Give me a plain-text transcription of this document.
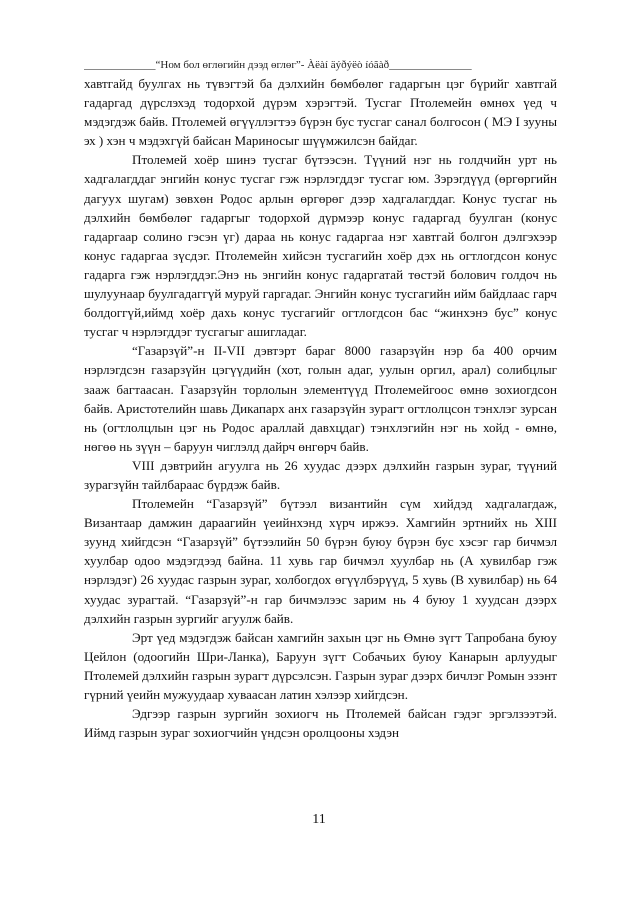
_____________“Ном бол өглөгийн дээд өглөг”- Àëàí äýðýëò íóãàð_______________

хавтгайд буулгах нь түвэгтэй ба дэлхийн бөмбөлөг гадаргын цэг бүрийг хавтгай гадаргад дүрслэхэд тодорхой дүрэм хэрэгтэй. Тусгаг Птолемейн өмнөх үед ч мэдэгдэж байв. Птолемей өгүүллэгтээ бүрэн бус тусгаг санал болгосон ( МЭ I зууны эх ) хэн ч мэдэхгүй байсан Мариносыг шүүмжилсэн байдаг.

Птолемей хоёр шинэ тусгаг бүтээсэн. Түүний нэг нь голдчийн урт нь хадгалагддаг энгийн конус тусгаг гэж нэрлэгддэг тусгаг юм. Зэрэгдүүд (өргөргийн дагуух шугам) зөвхөн Родос арлын өргөрөг дээр хадгалагддаг. Конус тусгаг нь дэлхийн бөмбөлөг гадаргыг тодорхой дүрмээр конус гадаргад буулган (конус гадаргаар солино гэсэн үг) дараа нь конус гадаргаа нэг хавтгай болгон дэлгэхээр конус гадаргаа зүсдэг. Птолемейн хийсэн тусгагийн хоёр дэх нь огтлогдсон конус гадарга гэж нэрлэгддэг.Энэ нь энгийн конус гадаргатай төстэй болович голдоч нь шулуунаар буулгадаггүй муруй гаргадаг. Энгийн конус тусгагийн ийм байдлаас гарч болдоггүй,иймд хоёр дахь конус тусгагийг огтлогдсон бас “жинхэнэ бус” конус тусгаг ч нэрлэгддэг тусгагыг ашигладаг.

“Газарзүй”-н II-VII дэвтэрт бараг 8000 газарзүйн нэр ба 400 орчим нэрлэгдсэн газарзүйн цэгүүдийн (хот, голын адаг, уулын оргил, арал) солибцлыг зааж багтаасан. Газарзүйн торлолын элементүүд Птолемейгоос өмнө зохиогдсон байв. Аристотелийн шавь Дикапарх анх газарзүйн зурагт огтлолцсон тэнхлэг зурсан нь (огтлолцлын цэг нь Родос араллай давхцдаг) тэнхлэгийн нэг нь хойд - өмнө, нөгөө нь зүүн – баруун чиглэлд дайрч өнгөрч байв.

VIII дэвтрийн агуулга нь 26 хуудас дээрх дэлхийн газрын зураг, түүний зурагзүйн тайлбараас бүрдэж байв.

Птолемейн “Газарзүй” бүтээл византийн сүм хийдэд хадгалагдаж, Византаар дамжин дараагийн үеийнхэнд хүрч иржээ. Хамгийн эртнийх нь XIII зуунд хийгдсэн “Газарзүй” бүтээлийн 50 бүрэн буюу бүрэн бус хэсэг гар бичмэл хуулбар одоо мэдэгдээд байна. 11 хувь гар бичмэл хуулбар нь (А хувилбар гэж нэрлэдэг) 26 хуудас газрын зураг, холбогдох өгүүлбэрүүд, 5 хувь (В хувилбар) нь 64 хуудас зурагтай. “Газарзүй”-н гар бичмэлээс зарим нь 4 буюу 1 хуудсан дээрх дэлхийн газрын зургийг агуулж байв.

Эрт үед мэдэгдэж байсан хамгийн захын цэг нь Өмнө зүгт Тапробана буюу Цейлон (одоогийн Шри-Ланка), Баруун зүгт Собачьих буюу Канарын арлуудыг Птолемей дэлхийн газрын зурагт дүрсэлсэн. Газрын зураг дээрх бичлэг Ромын эзэнт гүрний үеийн мужуудаар хуваасан латин хэлээр хийгдсэн.

Эдгээр газрын зургийн зохиогч нь Птолемей байсан гэдэг эргэлзээтэй. Иймд газрын зураг зохиогчийн үндсэн оролцооны хэдэн

11
